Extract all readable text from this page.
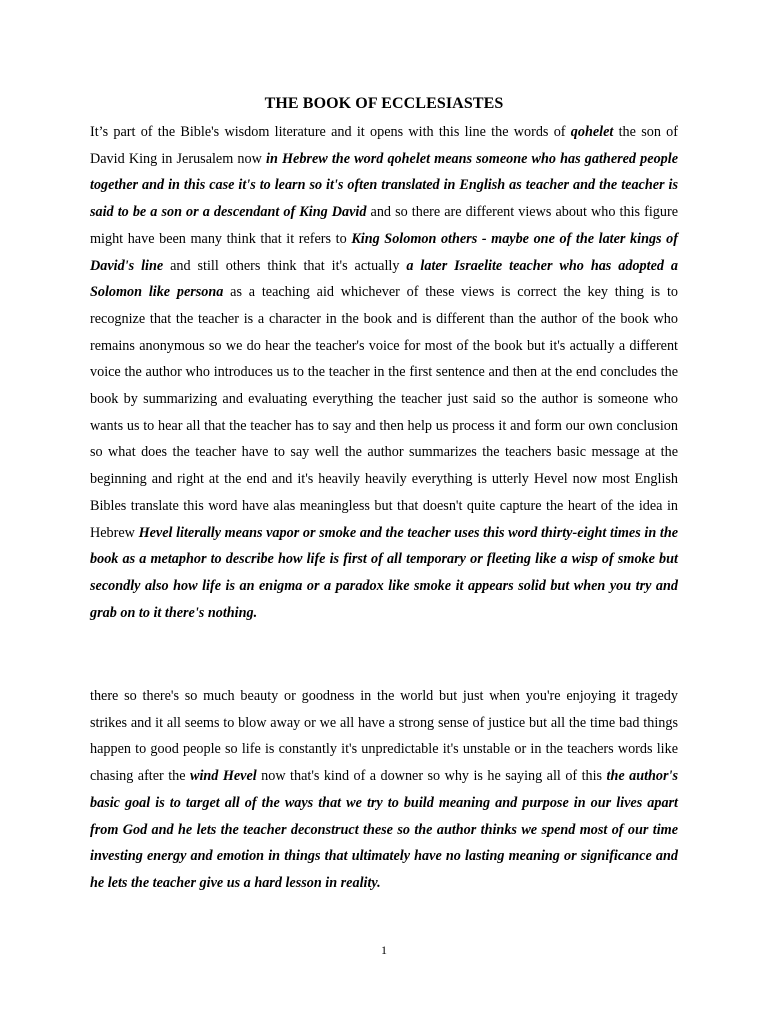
THE BOOK OF ECCLESIASTES

It’s part of the Bible's wisdom literature and it opens with this line the words of qohelet the son of David King in Jerusalem now in Hebrew the word qohelet means someone who has gathered people together and in this case it's to learn so it's often translated in English as teacher and the teacher is said to be a son or a descendant of King David and so there are different views about who this figure might have been many think that it refers to King Solomon others - maybe one of the later kings of David's line and still others think that it's actually a later Israelite teacher who has adopted a Solomon like persona as a teaching aid whichever of these views is correct the key thing is to recognize that the teacher is a character in the book and is different than the author of the book who remains anonymous so we do hear the teacher's voice for most of the book but it's actually a different voice the author who introduces us to the teacher in the first sentence and then at the end concludes the book by summarizing and evaluating everything the teacher just said so the author is someone who wants us to hear all that the teacher has to say and then help us process it and form our own conclusion so what does the teacher have to say well the author summarizes the teachers basic message at the beginning and right at the end and it's heavily heavily everything is utterly Hevel now most English Bibles translate this word have alas meaningless but that doesn't quite capture the heart of the idea in Hebrew Hevel literally means vapor or smoke and the teacher uses this word thirty-eight times in the book as a metaphor to describe how life is first of all temporary or fleeting like a wisp of smoke but secondly also how life is an enigma or a paradox like smoke it appears solid but when you try and grab on to it there's nothing.

there so there's so much beauty or goodness in the world but just when you're enjoying it tragedy strikes and it all seems to blow away or we all have a strong sense of justice but all the time bad things happen to good people so life is constantly it's unpredictable it's unstable or in the teachers words like chasing after the wind Hevel now that's kind of a downer so why is he saying all of this the author's basic goal is to target all of the ways that we try to build meaning and purpose in our lives apart from God and he lets the teacher deconstruct these so the author thinks we spend most of our time investing energy and emotion in things that ultimately have no lasting meaning or significance and he lets the teacher give us a hard lesson in reality.

1
